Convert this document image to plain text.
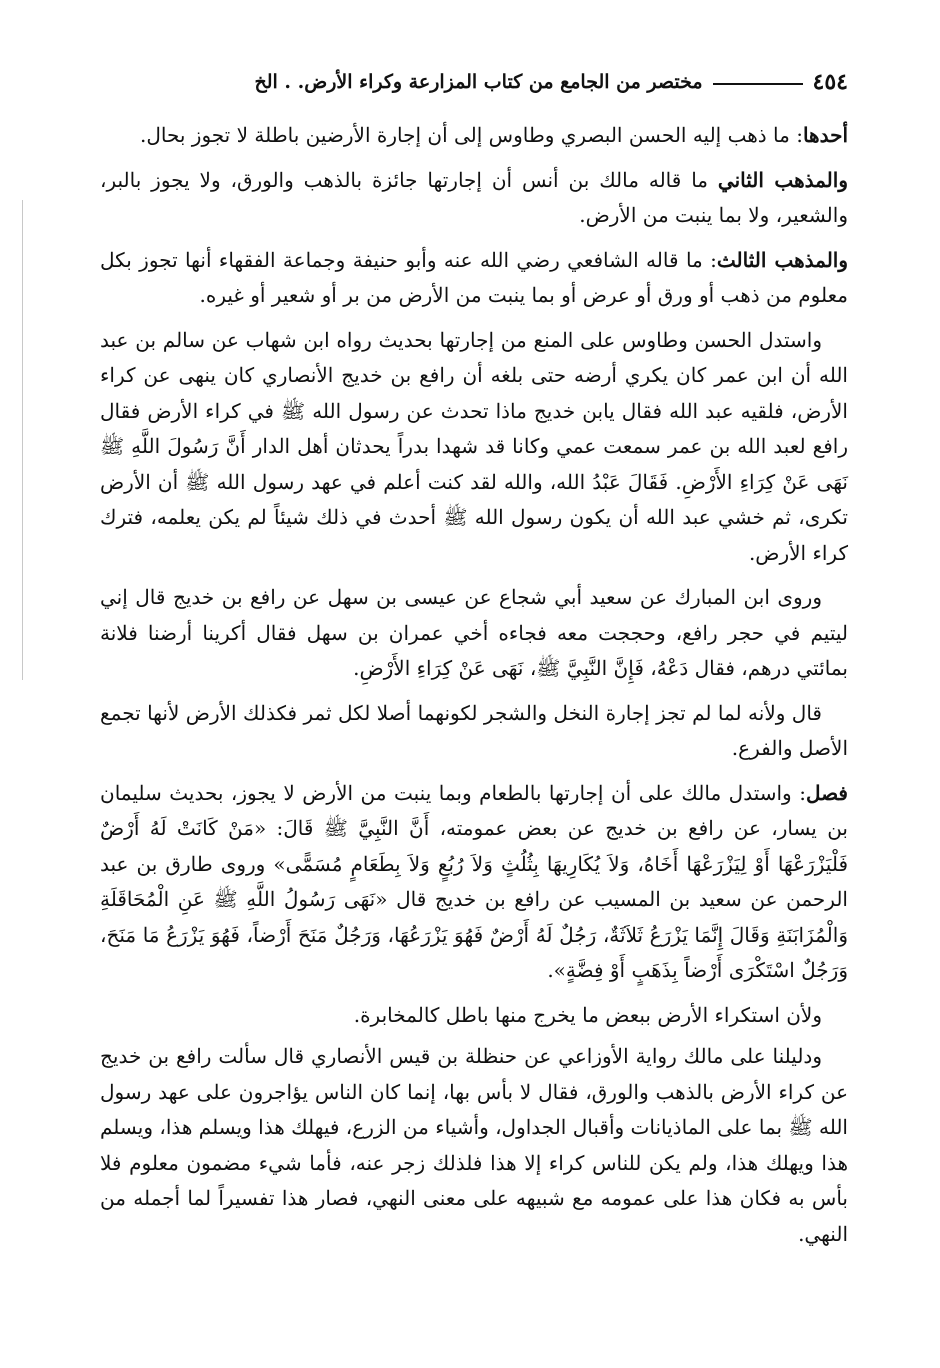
٤٥٤
مختصر من الجامع من كتاب المزارعة وكراء الأرض. . الخ

أحدها: ما ذهب إليه الحسن البصري وطاوس إلى أن إجارة الأرضين باطلة لا تجوز بحال.

والمذهب الثاني ما قاله مالك بن أنس أن إجارتها جائزة بالذهب والورق، ولا يجوز بالبر، والشعير، ولا بما ينبت من الأرض.

والمذهب الثالث: ما قاله الشافعي رضي الله عنه وأبو حنيفة وجماعة الفقهاء أنها تجوز بكل معلوم من ذهب أو ورق أو عرض أو بما ينبت من الأرض من بر أو شعير أو غيره.

واستدل الحسن وطاوس على المنع من إجارتها بحديث رواه ابن شهاب عن سالم بن عبد الله أن ابن عمر كان يكري أرضه حتى بلغه أن رافع بن خديج الأنصاري كان ينهى عن كراء الأرض، فلقيه عبد الله فقال يابن خديج ماذا تحدث عن رسول الله ﷺ في كراء الأرض فقال رافع لعبد الله بن عمر سمعت عمي وكانا قد شهدا بدراً يحدثان أهل الدار أَنَّ رَسُولَ اللَّهِ ﷺ نَهَى عَنْ كِرَاءِ الأَرْضِ. فَقَالَ عَبْدُ الله، والله لقد كنت أعلم في عهد رسول الله ﷺ أن الأرض تكرى، ثم خشي عبد الله أن يكون رسول الله ﷺ أحدث في ذلك شيئاً لم يكن يعلمه، فترك كراء الأرض.

وروى ابن المبارك عن سعيد أبي شجاع عن عيسى بن سهل عن رافع بن خديج قال إني ليتيم في حجر رافع، وحججت معه فجاءه أخي عمران بن سهل فقال أكرينا أرضنا فلانة بمائتي درهم، فقال دَعْهُ، فَإِنَّ النَّبِيَّ ﷺ، نَهَى عَنْ كِرَاءِ الأَرْضِ.

قال ولأنه لما لم تجز إجارة النخل والشجر لكونهما أصلا لكل ثمر فكذلك الأرض لأنها تجمع الأصل والفرع.

فصل: واستدل مالك على أن إجارتها بالطعام وبما ينبت من الأرض لا يجوز، بحديث سليمان بن يسار، عن رافع بن خديج عن بعض عمومته، أَنَّ النَّبِيَّ ﷺ قَالَ: «مَنْ كَانَتْ لَهُ أَرْضٌ فَلْيَزْرَعْهَا أَوْ لِيَزْرَعْهَا أَخَاهُ، وَلاَ يُكَارِيهَا بِثُلُثٍ وَلاَ رُبُعٍ وَلاَ بِطَعَامٍ مُسَمًّى» وروى طارق بن عبد الرحمن عن سعيد بن المسيب عن رافع بن خديج قال «نَهَى رَسُولُ اللَّهِ ﷺ عَنِ الْمُحَاقَلَةِ وَالْمُزَابَنَةِ وَقَالَ إِنَّمَا يَزْرَعُ ثَلاَثَةٌ، رَجُلٌ لَهُ أَرْضٌ فَهُوَ يَزْرَعُهَا، وَرَجُلٌ مَنَحَ أَرْضاً، فَهُوَ يَزْرَعُ مَا مَنَحَ، وَرَجُلٌ اسْتَكْرَى أَرْضاً بِذَهَبٍ أَوْ فِضَّةٍ».

ولأن استكراء الأرض ببعض ما يخرج منها باطل كالمخابرة.

ودليلنا على مالك رواية الأوزاعي عن حنظلة بن قيس الأنصاري قال سألت رافع بن خديج عن كراء الأرض بالذهب والورق، فقال لا بأس بها، إنما كان الناس يؤاجرون على عهد رسول الله ﷺ بما على الماذيانات وأقبال الجداول، وأشياء من الزرع، فيهلك هذا ويسلم هذا، ويسلم هذا ويهلك هذا، ولم يكن للناس كراء إلا هذا فلذلك زجر عنه، فأما شيء مضمون معلوم فلا بأس به فكان هذا على عمومه مع شبيهه على معنى النهي، فصار هذا تفسيراً لما أجمله من النهي.
